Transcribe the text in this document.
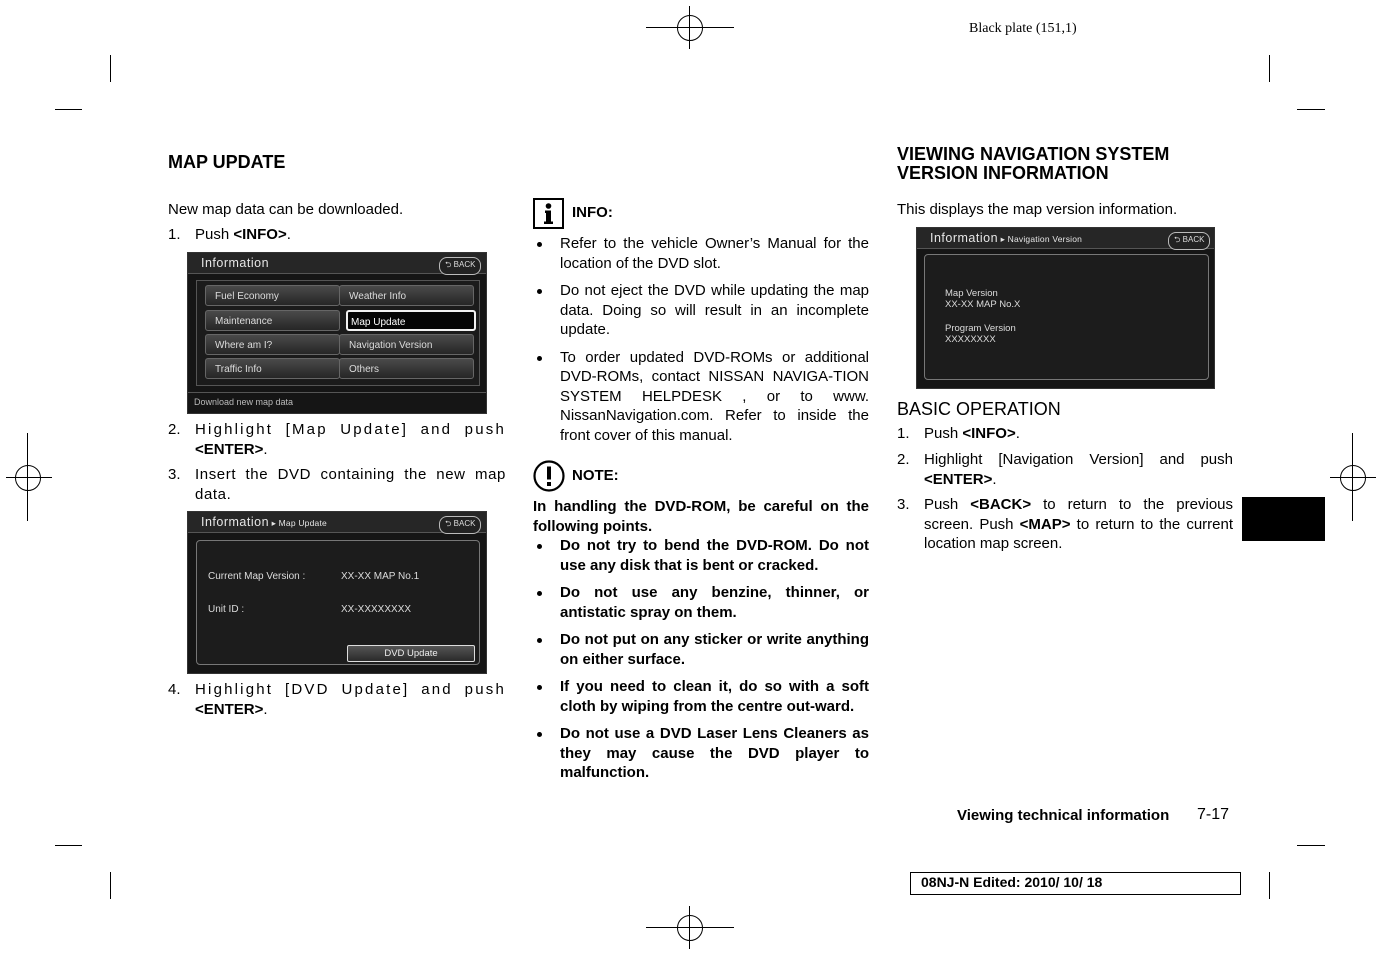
Black plate (151,1)
MAP UPDATE
New map data can be downloaded.
1. Push <INFO>.
Information	⮌ BACK
Fuel Economy	Weather Info
Maintenance	Map Update
Where am I?	Navigation Version
Traffic Info	Others
Download new map data
2. Highlight [Map Update] and push
<ENTER>.
3. Insert the DVD containing the new map data.
Information ▸ Map Update	⮌ BACK
Current Map Version :	XX-XX MAP No.1
Unit ID :	XX-XXXXXXXX
DVD Update
4. Highlight [DVD Update] and push
<ENTER>.
INFO:
Refer to the vehicle Owner’s Manual for the location of the DVD slot.
Do not eject the DVD while updating the map data. Doing so will result in an incomplete update.
To order updated DVD-ROMs or additional DVD-ROMs, contact NISSAN NAVIGA-TION SYSTEM HELPDESK , or to www. NissanNavigation.com. Refer to inside the front cover of this manual.
NOTE:
In handling the DVD-ROM, be careful on the following points.
Do not try to bend the DVD-ROM. Do not use any disk that is bent or cracked.
Do not use any benzine, thinner, or antistatic spray on them.
Do not put on any sticker or write anything on either surface.
If you need to clean it, do so with a soft cloth by wiping from the centre out-ward.
Do not use a DVD Laser Lens Cleaners as they may cause the DVD player to malfunction.
VIEWING NAVIGATION SYSTEM
VERSION INFORMATION
This displays the map version information.
Information ▸ Navigation Version	⮌ BACK
Map Version
XX-XX MAP No.X
Program Version
XXXXXXXX
BASIC OPERATION
1. Push <INFO>.
2. Highlight [Navigation Version] and push
<ENTER>.
3. Push <BACK> to return to the previous screen. Push <MAP> to return to the current location map screen.
Viewing technical information 7-17
08NJ-N Edited: 2010/ 10/ 18
